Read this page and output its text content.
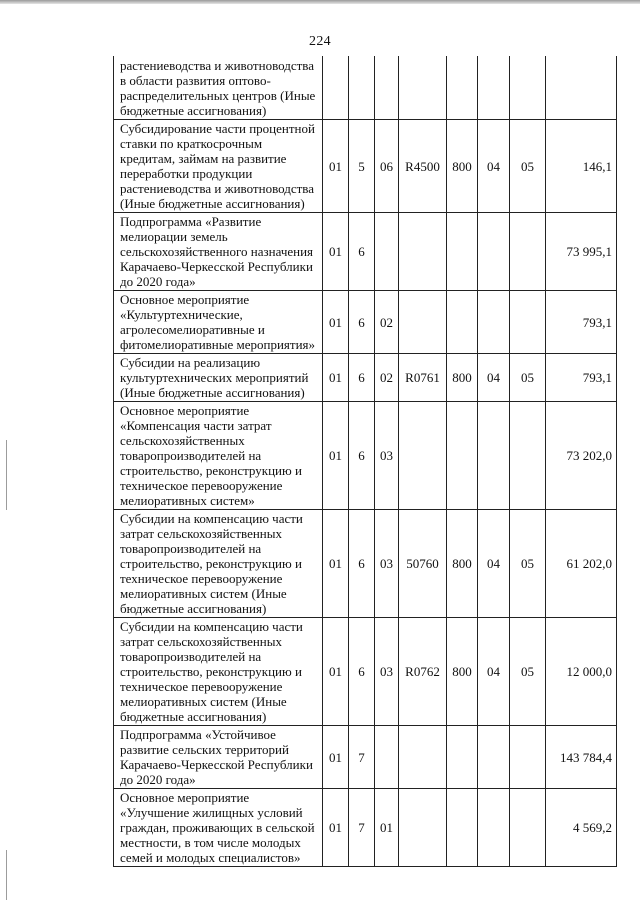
224
растениеводства и животноводства в области развития оптово-распределительных центров (Иные бюджетные ассигнования)								
Субсидирование части процентной ставки по краткосрочным кредитам, займам на развитие переработки продукции растениеводства и животноводства (Иные бюджетные ассигнования)	01	5	06	R4500	800	04	05	146,1
Подпрограмма «Развитие мелиорации земель сельскохозяйственного назначения Карачаево-Черкесской Республики до 2020 года»	01	6						73 995,1
Основное мероприятие «Культуртехнические, агролесомелиоративные и фитомелиоративные мероприятия»	01	6	02					793,1
Субсидии на реализацию культуртехнических мероприятий (Иные бюджетные ассигнования)	01	6	02	R0761	800	04	05	793,1
Основное мероприятие «Компенсация части затрат сельскохозяйственных товаропроизводителей на строительство, реконструкцию и техническое перевооружение мелиоративных систем»	01	6	03					73 202,0
Субсидии на компенсацию части затрат сельскохозяйственных товаропроизводителей на строительство, реконструкцию и техническое перевооружение мелиоративных систем (Иные бюджетные ассигнования)	01	6	03	50760	800	04	05	61 202,0
Субсидии на компенсацию части затрат сельскохозяйственных товаропроизводителей на строительство, реконструкцию и техническое перевооружение мелиоративных систем (Иные бюджетные ассигнования)	01	6	03	R0762	800	04	05	12 000,0
Подпрограмма «Устойчивое развитие сельских территорий Карачаево-Черкесской Республики до 2020 года»	01	7						143 784,4
Основное мероприятие «Улучшение жилищных условий граждан, проживающих в сельской местности, в том числе молодых семей и молодых специалистов»	01	7	01					4 569,2
